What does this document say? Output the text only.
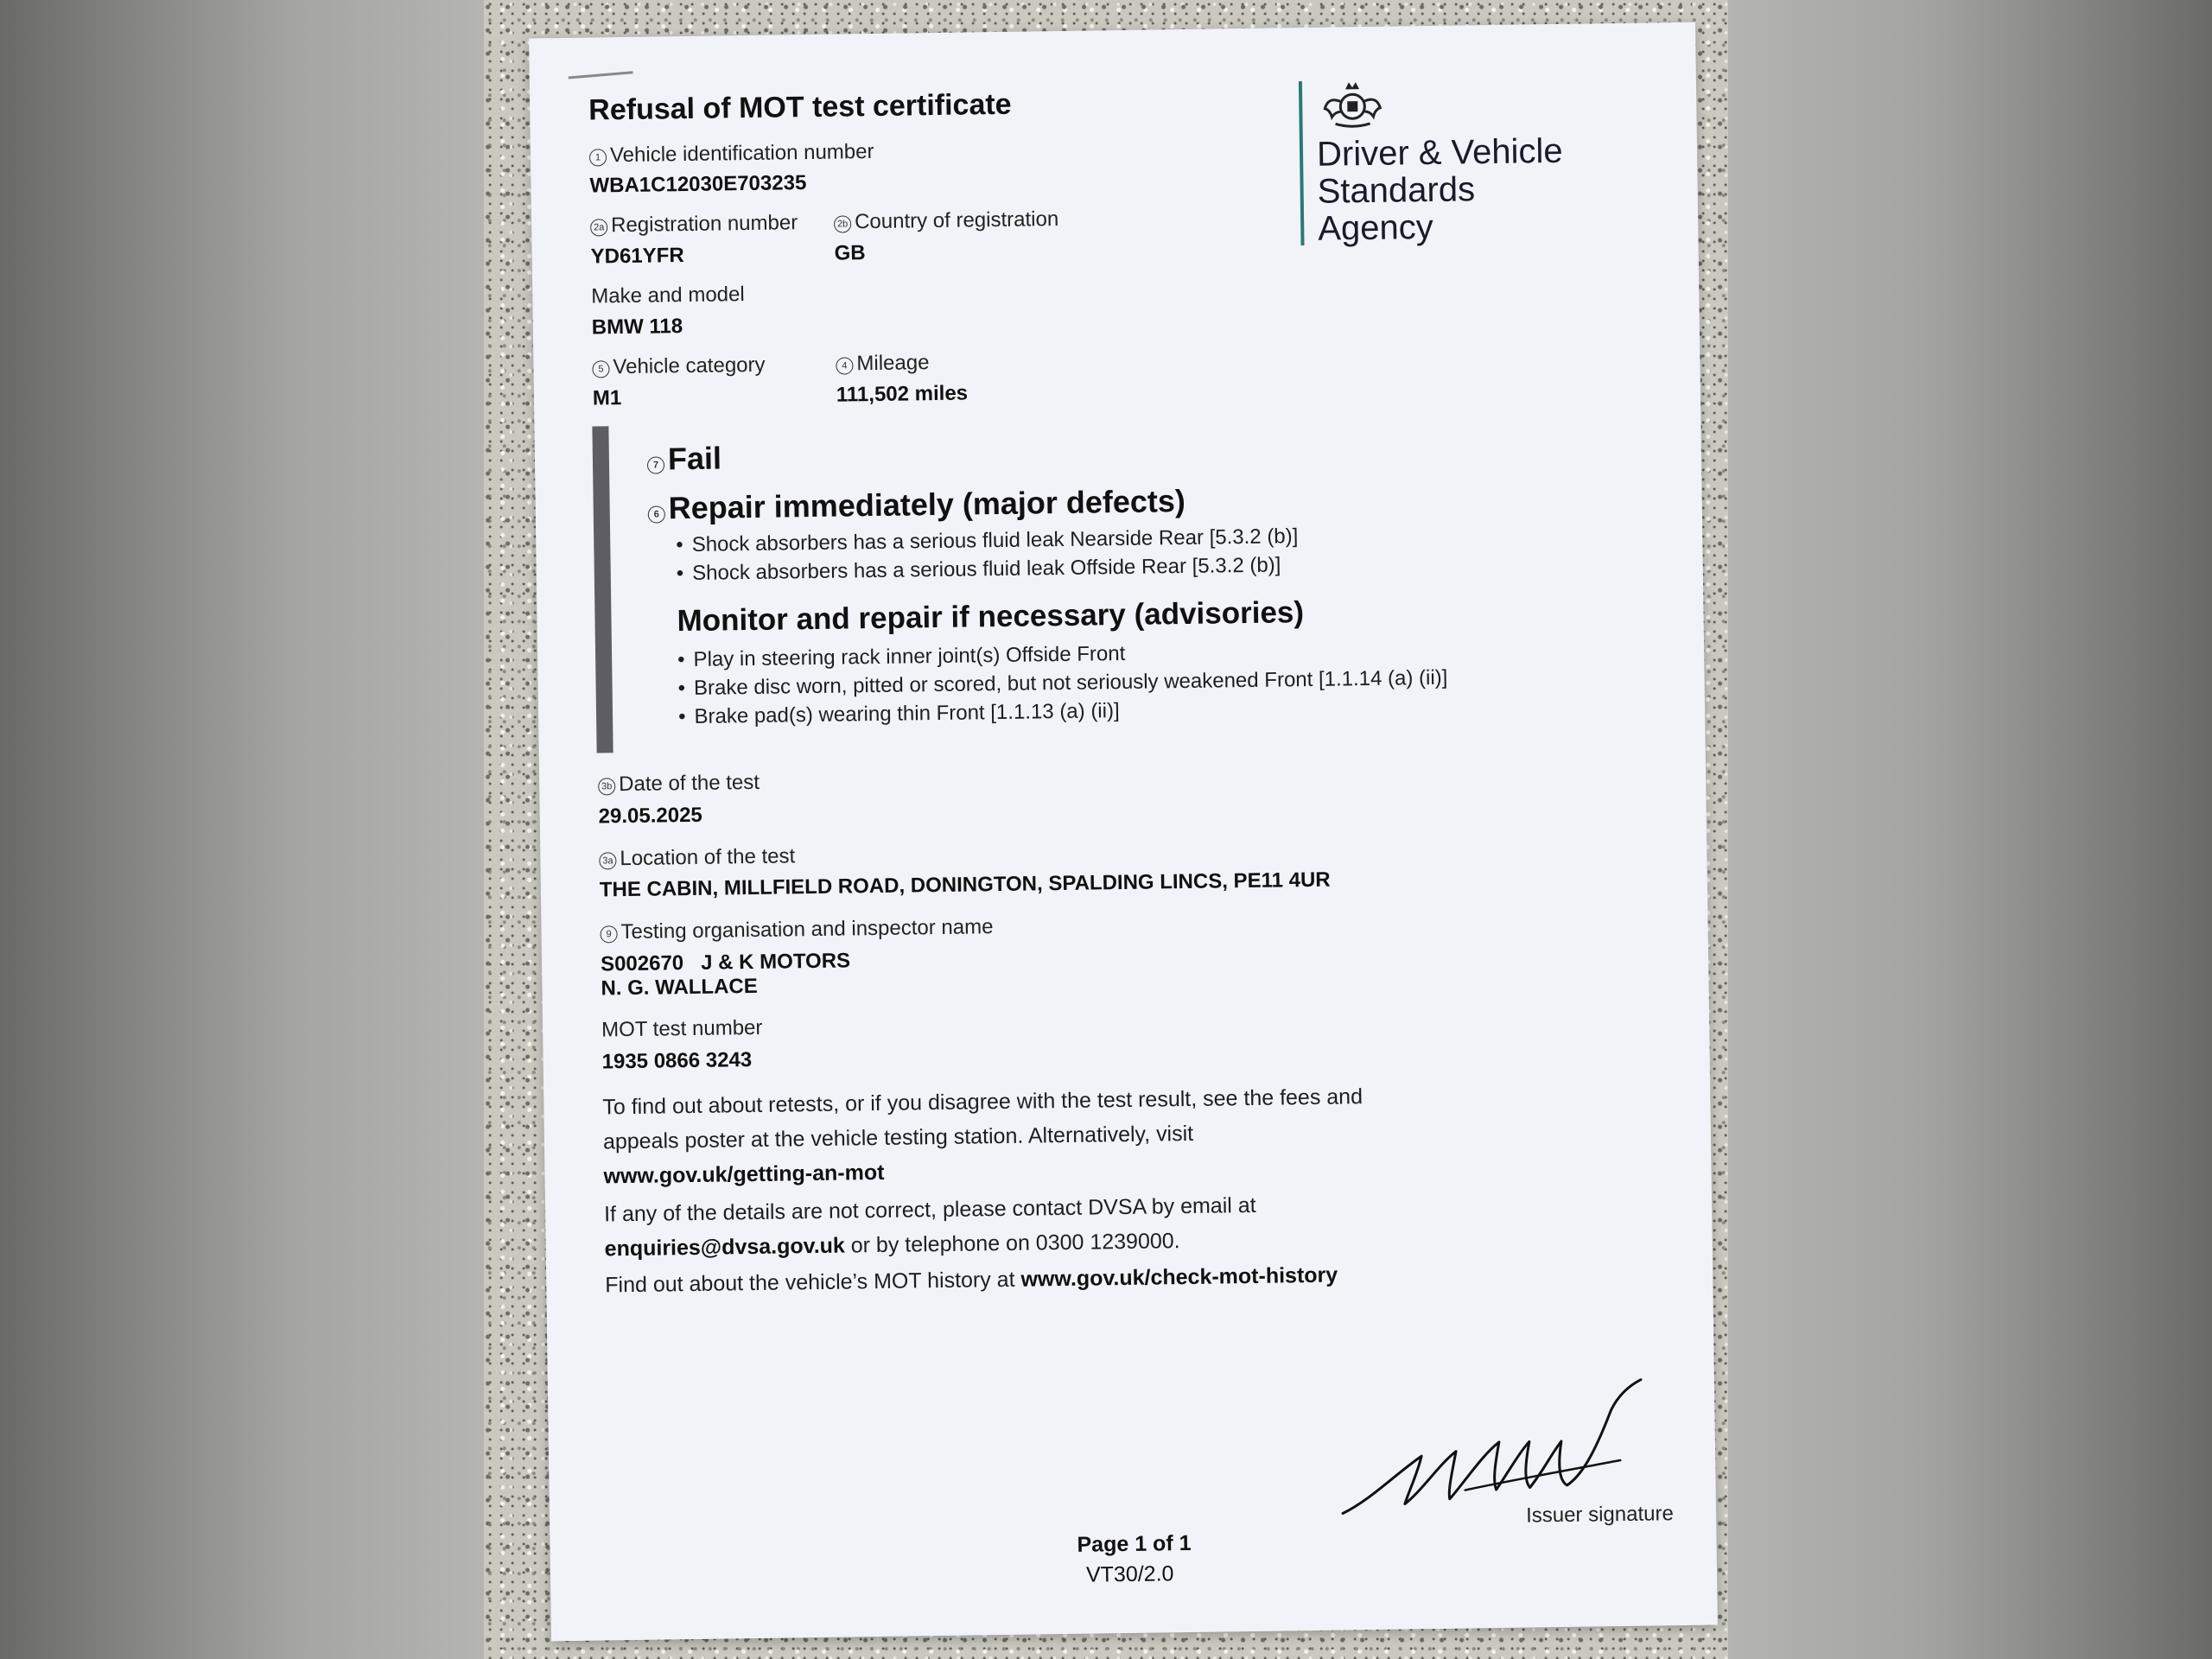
Refusal of MOT test certificate
Driver & Vehicle Standards Agency
1 Vehicle identification number
WBA1C12030E703235
2a Registration number
YD61YFR
2b Country of registration
GB
Make and model
BMW 118
5 Vehicle category
M1
4 Mileage
111,502 miles
7 Fail
6 Repair immediately (major defects)
• Shock absorbers has a serious fluid leak Nearside Rear [5.3.2 (b)]
• Shock absorbers has a serious fluid leak Offside Rear [5.3.2 (b)]
Monitor and repair if necessary (advisories)
• Play in steering rack inner joint(s) Offside Front
• Brake disc worn, pitted or scored, but not seriously weakened Front [1.1.14 (a) (ii)]
• Brake pad(s) wearing thin Front [1.1.13 (a) (ii)]
3b Date of the test
29.05.2025
3a Location of the test
THE CABIN, MILLFIELD ROAD, DONINGTON, SPALDING LINCS, PE11 4UR
9 Testing organisation and inspector name
S002670   J & K MOTORS
N. G. WALLACE
MOT test number
1935 0866 3243
To find out about retests, or if you disagree with the test result, see the fees and appeals poster at the vehicle testing station. Alternatively, visit
www.gov.uk/getting-an-mot
If any of the details are not correct, please contact DVSA by email at
enquiries@dvsa.gov.uk or by telephone on 0300 1239000.
Find out about the vehicle’s MOT history at www.gov.uk/check-mot-history
Issuer signature
Page 1 of 1
VT30/2.0
